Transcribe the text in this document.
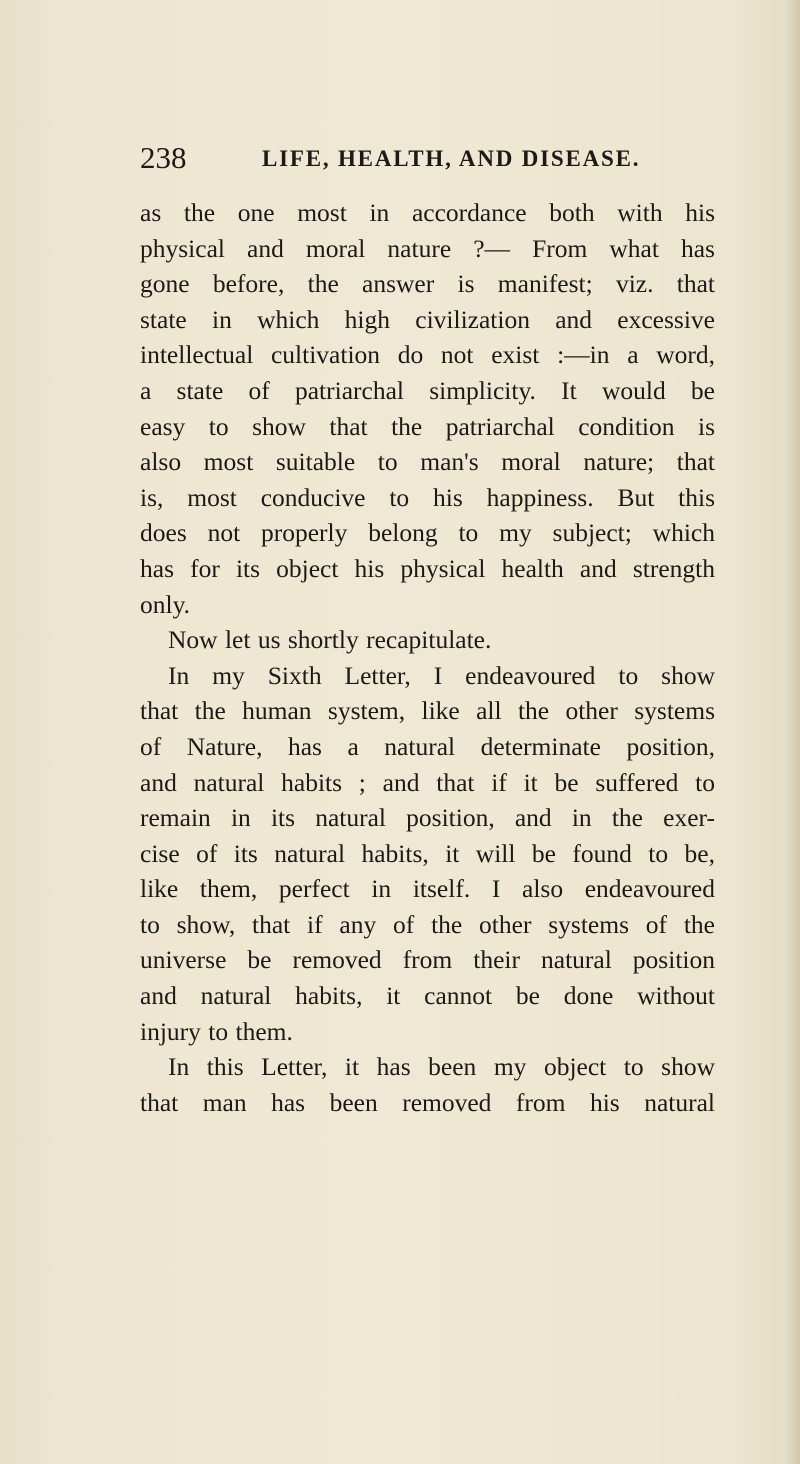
238	LIFE, HEALTH, AND DISEASE.
as the one most in accordance both with his
physical and moral nature ?— From what has
gone before, the answer is manifest; viz. that
state in which high civilization and excessive
intellectual cultivation do not exist :—in a word,
a state of patriarchal simplicity. It would be
easy to show that the patriarchal condition is
also most suitable to man's moral nature; that
is, most conducive to his happiness. But this
does not properly belong to my subject; which
has for its object his physical health and strength
only.
Now let us shortly recapitulate.
In my Sixth Letter, I endeavoured to show
that the human system, like all the other systems
of Nature, has a natural determinate position,
and natural habits ; and that if it be suffered to
remain in its natural position, and in the exer-
cise of its natural habits, it will be found to be,
like them, perfect in itself. I also endeavoured
to show, that if any of the other systems of the
universe be removed from their natural position
and natural habits, it cannot be done without
injury to them.
In this Letter, it has been my object to show
that man has been removed from his natural
